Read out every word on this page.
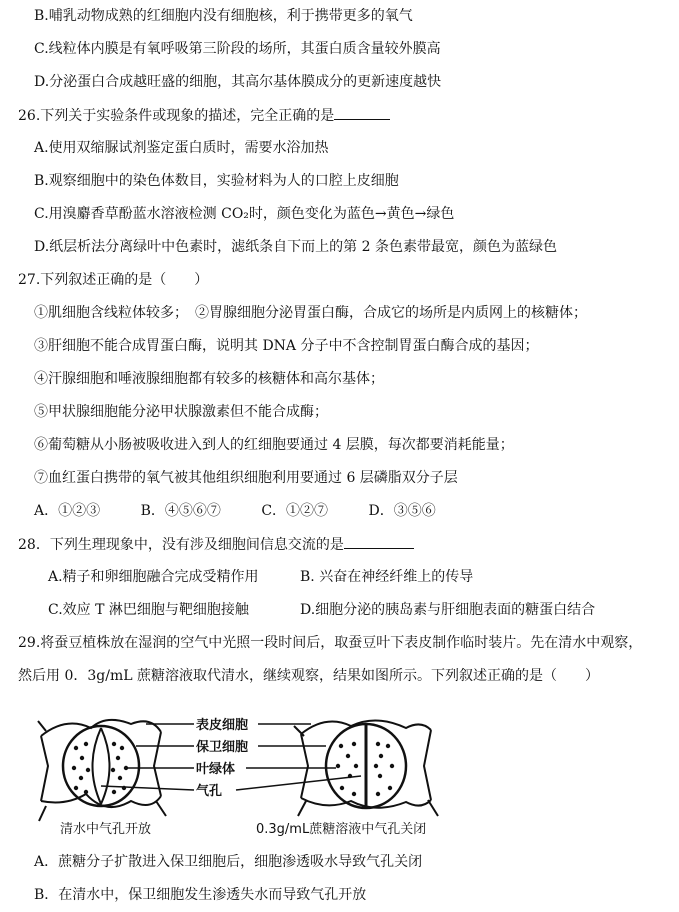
B.哺乳动物成熟的红细胞内没有细胞核，利于携带更多的氧气
C.线粒体内膜是有氧呼吸第三阶段的场所，其蛋白质含量较外膜高
D.分泌蛋白合成越旺盛的细胞，其高尔基体膜成分的更新速度越快
26.下列关于实验条件或现象的描述，完全正确的是
A.使用双缩脲试剂鉴定蛋白质时，需要水浴加热
B.观察细胞中的染色体数目，实验材料为人的口腔上皮细胞
C.用溴麝香草酚蓝水溶液检测 CO₂时，颜色变化为蓝色→黄色→绿色
D.纸层析法分离绿叶中色素时，滤纸条自下而上的第 2 条色素带最宽，颜色为蓝绿色
27.下列叙述正确的是（　　）
①肌细胞含线粒体较多；　②胃腺细胞分泌胃蛋白酶，合成它的场所是内质网上的核糖体；
③肝细胞不能合成胃蛋白酶，说明其 DNA 分子中不含控制胃蛋白酶合成的基因；
④汗腺细胞和唾液腺细胞都有较多的核糖体和高尔基体；
⑤甲状腺细胞能分泌甲状腺激素但不能合成酶；
⑥葡萄糖从小肠被吸收进入到人的红细胞要通过 4 层膜，每次都要消耗能量；
⑦血红蛋白携带的氧气被其他组织细胞利用要通过 6 层磷脂双分子层
A．①②③	B．④⑤⑥⑦	C．①②⑦	D．③⑤⑥
28．下列生理现象中，没有涉及细胞间信息交流的是
A.精子和卵细胞融合完成受精作用	B. 兴奋在神经纤维上的传导
C.效应 T 淋巴细胞与靶细胞接触	D.细胞分泌的胰岛素与肝细胞表面的糖蛋白结合
29.将蚕豆植株放在湿润的空气中光照一段时间后，取蚕豆叶下表皮制作临时装片。先在清水中观察，
然后用 0．3g/mL 蔗糖溶液取代清水，继续观察，结果如图所示。下列叙述正确的是（　　）
表皮细胞
保卫细胞
叶绿体
气孔
清水中气孔开放	0.3g/mL蔗糖溶液中气孔关闭
A．蔗糖分子扩散进入保卫细胞后，细胞渗透吸水导致气孔关闭
B．在清水中，保卫细胞发生渗透失水而导致气孔开放
